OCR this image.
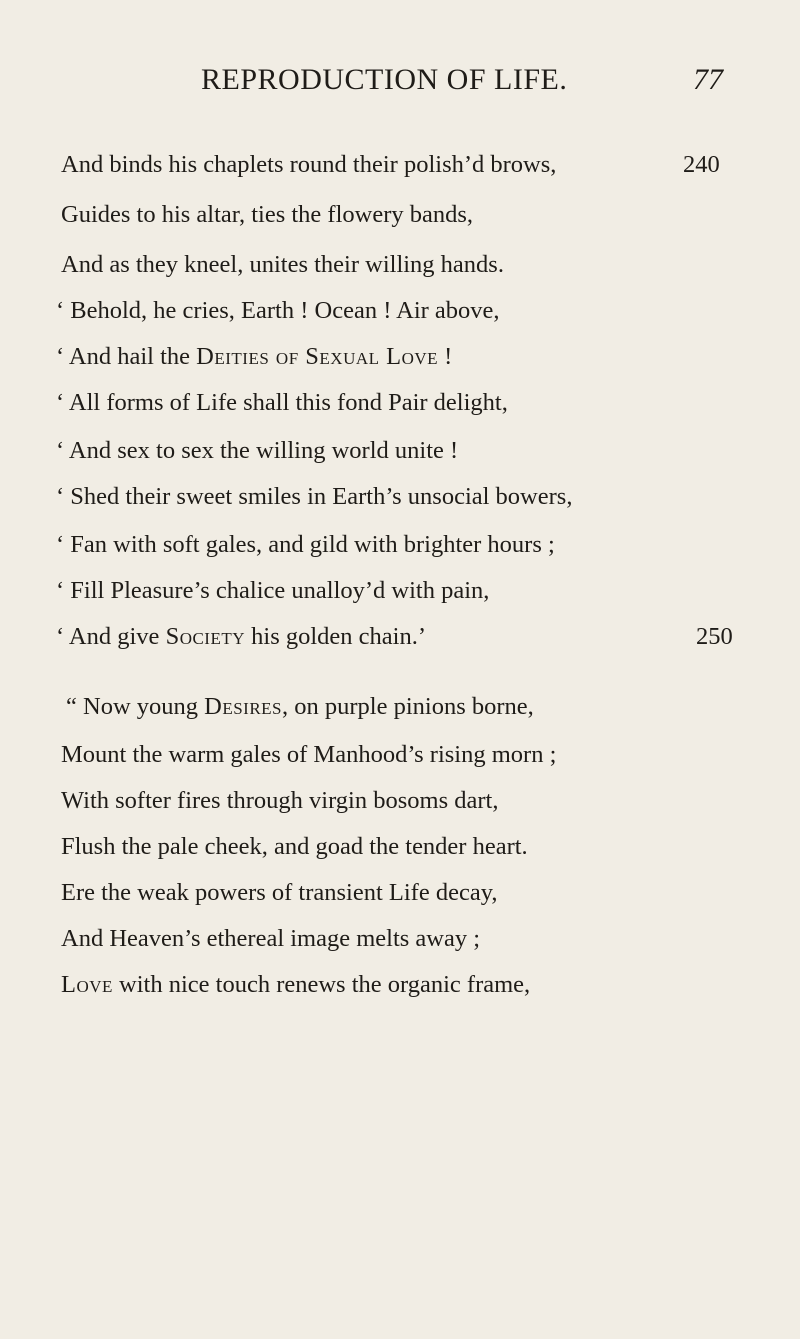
REPRODUCTION OF LIFE.	77
And binds his chaplets round their polish’d brows,	240
Guides to his altar, ties the flowery bands,
And as they kneel, unites their willing hands.
‘ Behold, he cries, Earth ! Ocean ! Air above,
‘ And hail the Deities of Sexual Love !
‘ All forms of Life shall this fond Pair delight,
‘ And sex to sex the willing world unite !
‘ Shed their sweet smiles in Earth’s unsocial bowers,
‘ Fan with soft gales, and gild with brighter hours ;
‘ Fill Pleasure’s chalice unalloy’d with pain,
‘ And give Society his golden chain.’	250
“ Now young Desires, on purple pinions borne,
Mount the warm gales of Manhood’s rising morn ;
With softer fires through virgin bosoms dart,
Flush the pale cheek, and goad the tender heart.
Ere the weak powers of transient Life decay,
And Heaven’s ethereal image melts away ;
Love with nice touch renews the organic frame,
